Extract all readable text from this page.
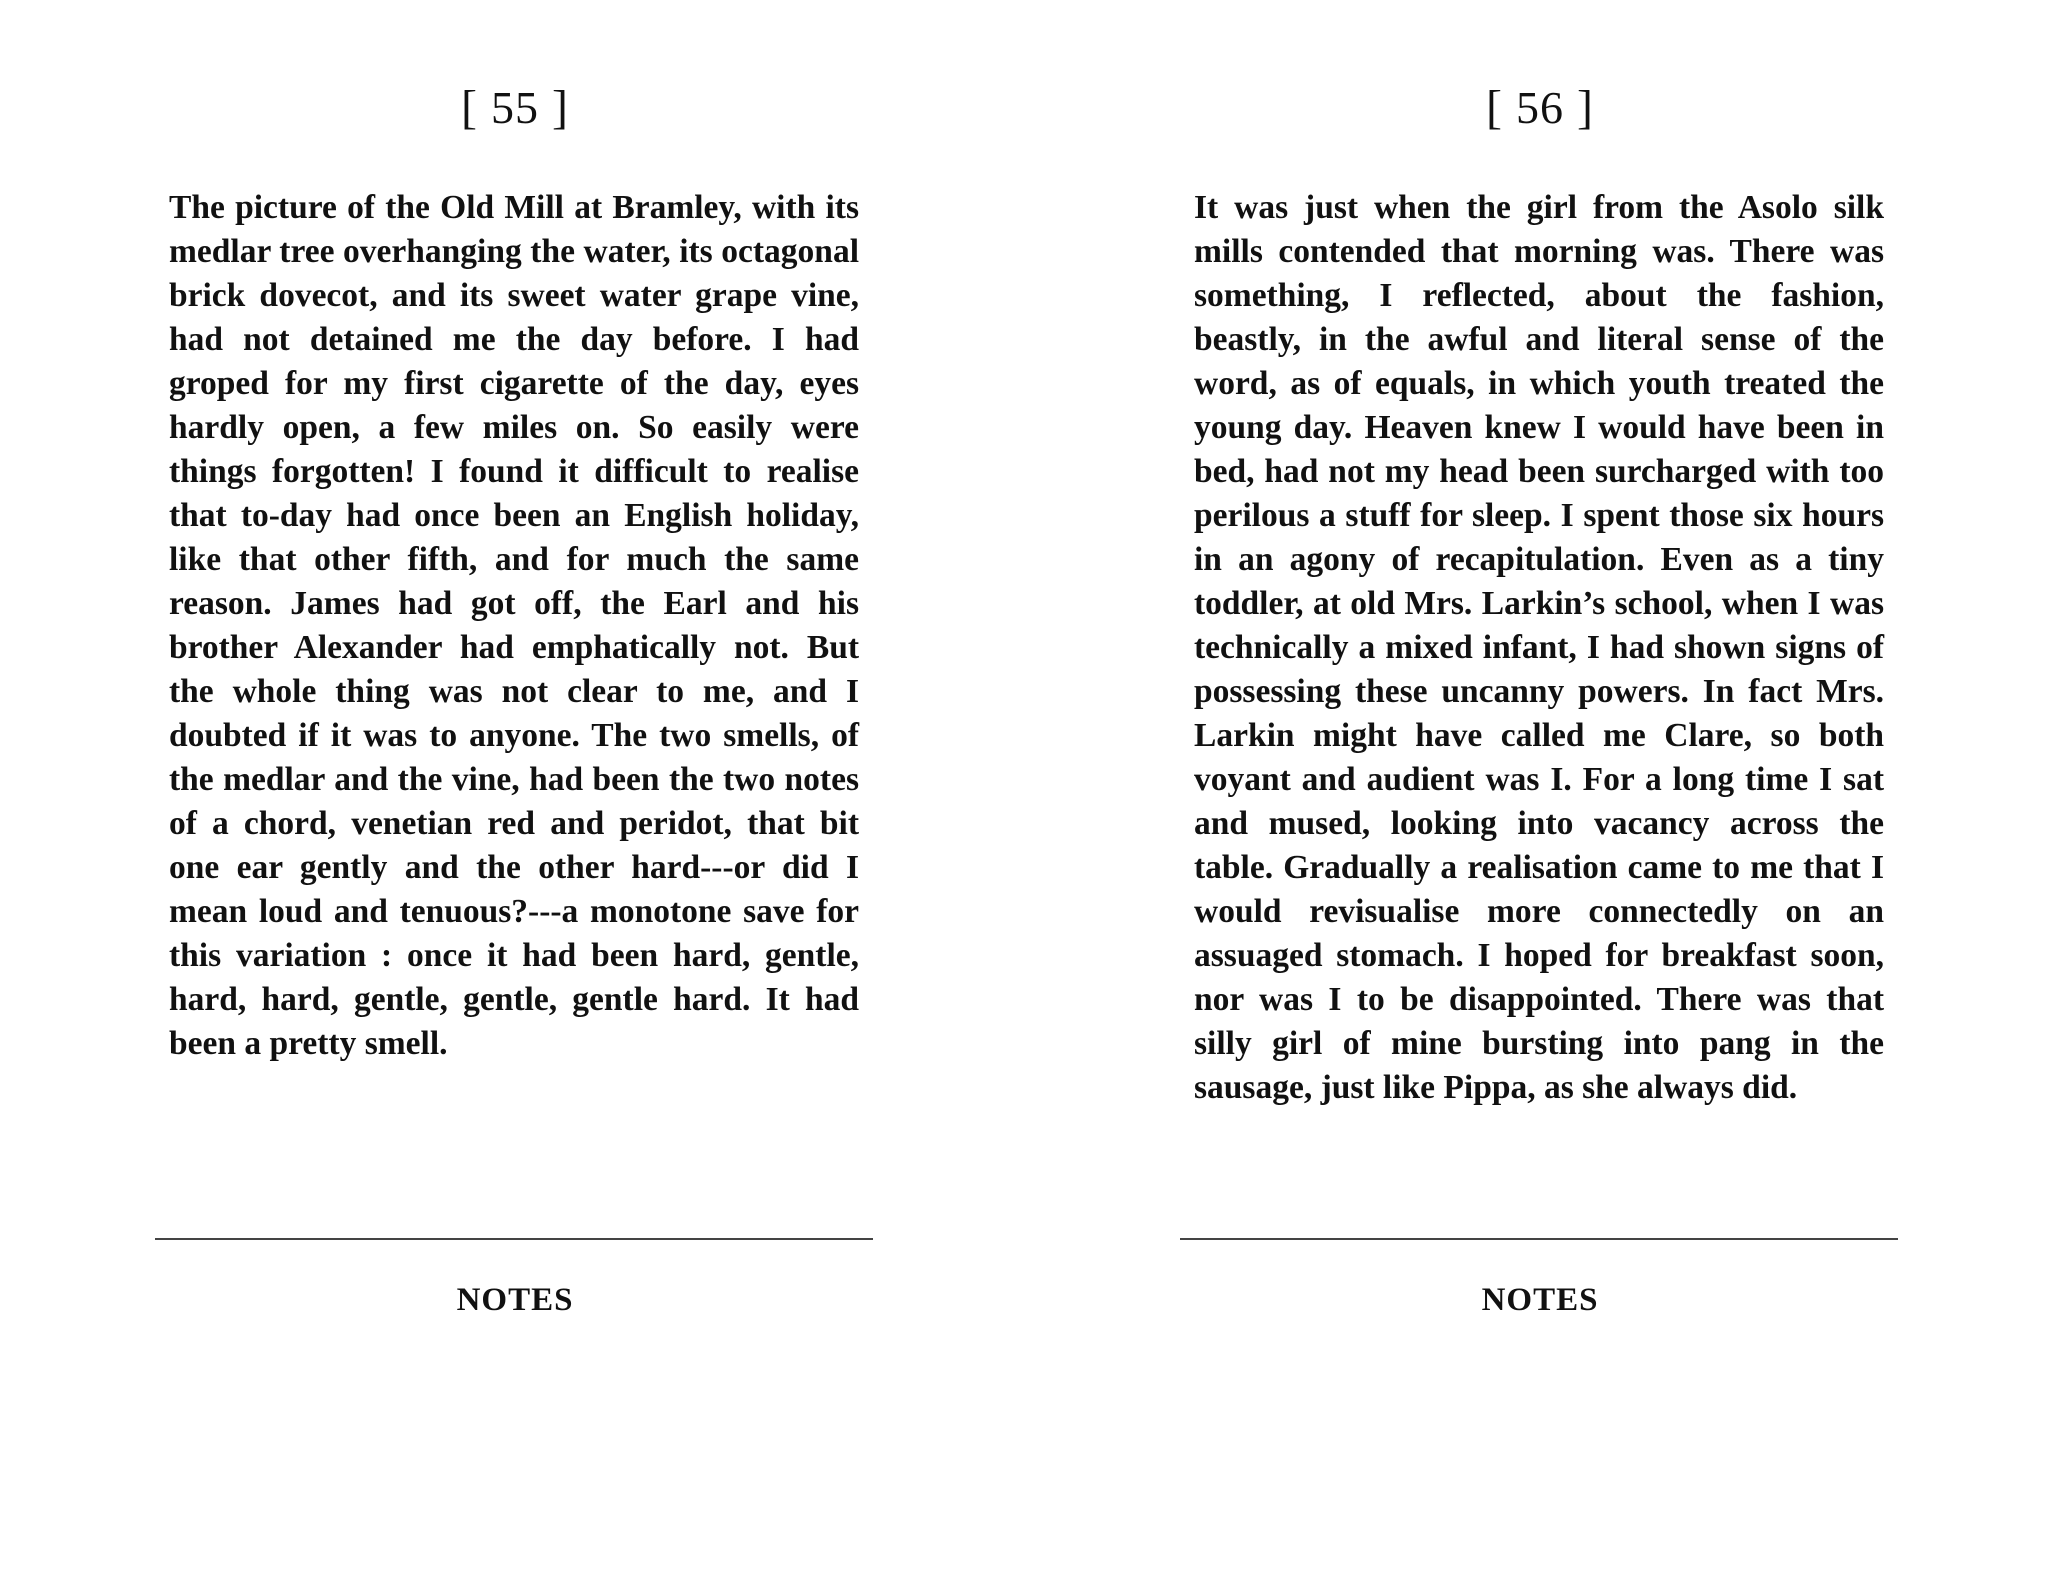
[ 55 ]

The picture of the Old Mill at Bramley, with its medlar tree overhanging the water, its octagonal brick dovecot, and its sweet water grape vine, had not detained me the day before. I had groped for my first cigarette of the day, eyes hardly open, a few miles on. So easily were things forgotten! I found it difficult to realise that to-day had once been an English holiday, like that other fifth, and for much the same reason. James had got off, the Earl and his brother Alexander had emphatically not. But the whole thing was not clear to me, and I doubted if it was to anyone. The two smells, of the medlar and the vine, had been the two notes of a chord, venetian red and peridot, that bit one ear gently and the other hard---or did I mean loud and tenuous?---a monotone save for this variation : once it had been hard, gentle, hard, hard, gentle, gentle, gentle hard. It had been a pretty smell.

NOTES
[ 56 ]

It was just when the girl from the Asolo silk mills contended that morning was. There was something, I reflected, about the fashion, beastly, in the awful and literal sense of the word, as of equals, in which youth treated the young day. Heaven knew I would have been in bed, had not my head been surcharged with too perilous a stuff for sleep. I spent those six hours in an agony of recapitulation. Even as a tiny toddler, at old Mrs. Larkin’s school, when I was technically a mixed infant, I had shown signs of possessing these uncanny powers. In fact Mrs. Larkin might have called me Clare, so both voyant and audient was I. For a long time I sat and mused, looking into vacancy across the table. Gradually a realisation came to me that I would revisualise more connectedly on an assuaged stomach. I hoped for breakfast soon, nor was I to be disappointed. There was that silly girl of mine bursting into pang in the sausage, just like Pippa, as she always did.

NOTES
